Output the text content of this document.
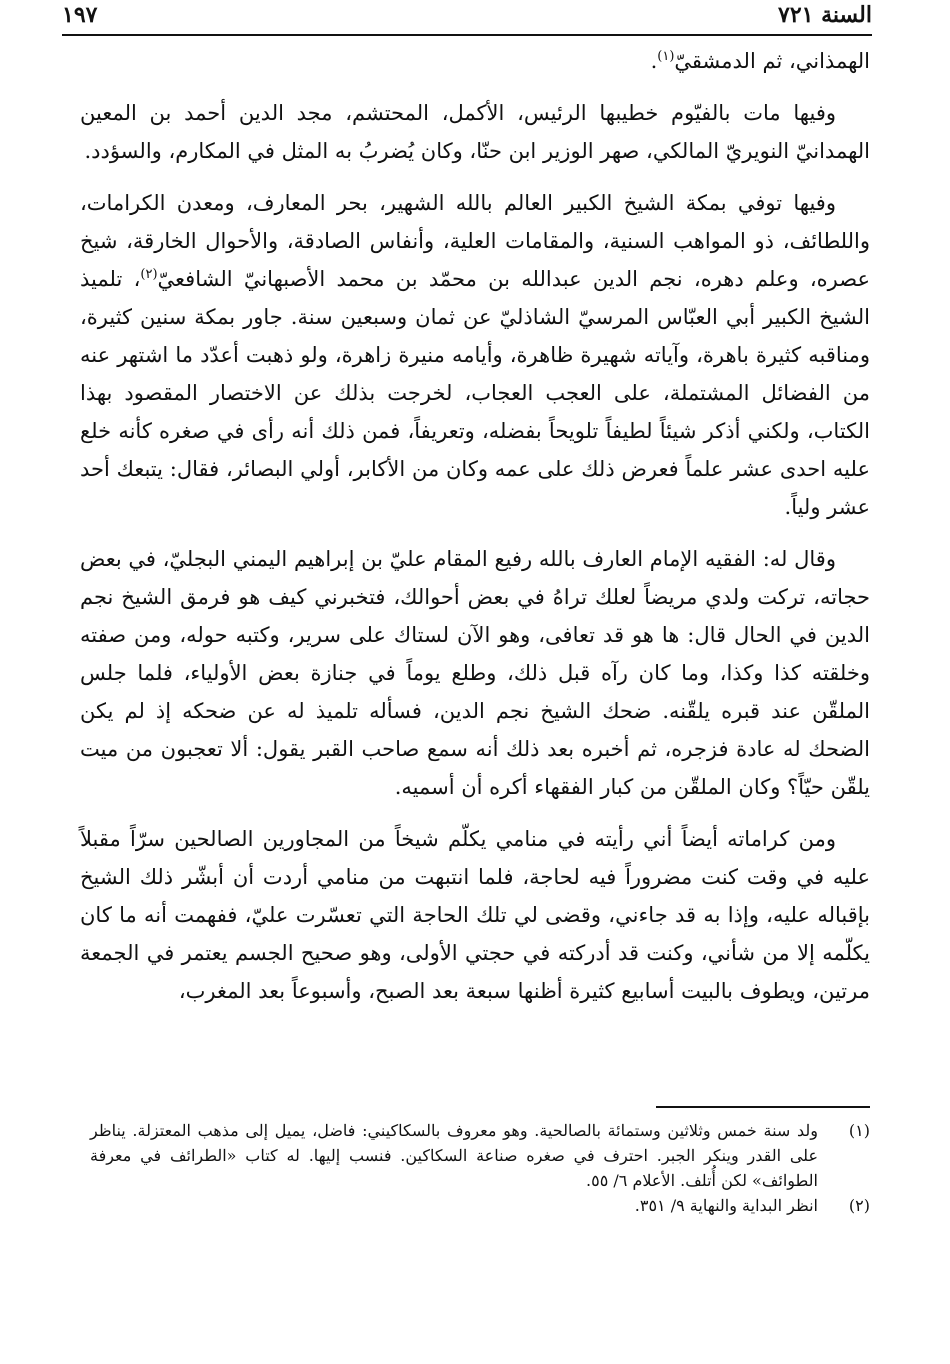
السنة ٧٢١
١٩٧

الهمذاني، ثم الدمشقيّ$^{(١)}$.

وفيها مات بالفيّوم خطيبها الرئيس، الأكمل، المحتشم، مجد الدين أحمد بن المعين الهمدانيّ النويريّ المالكي، صهر الوزير ابن حنّا، وكان يُضربُ به المثل في المكارم، والسؤدد.

وفيها توفي بمكة الشيخ الكبير العالم بالله الشهير، بحر المعارف، ومعدن الكرامات، واللطائف، ذو المواهب السنية، والمقامات العلية، وأنفاس الصادقة، والأحوال الخارقة، شيخ عصره، وعلم دهره، نجم الدين عبدالله بن محمّد بن محمد الأصبهانيّ الشافعيّ$^{(٢)}$، تلميذ الشيخ الكبير أبي العبّاس المرسيّ الشاذليّ عن ثمان وسبعين سنة. جاور بمكة سنين كثيرة، ومناقبه كثيرة باهرة، وآياته شهيرة ظاهرة، وأيامه منيرة زاهرة، ولو ذهبت أعدّد ما اشتهر عنه من الفضائل المشتملة، على العجب العجاب، لخرجت بذلك عن الاختصار المقصود بهذا الكتاب، ولكني أذكر شيئاً لطيفاً تلويحاً بفضله، وتعريفاً، فمن ذلك أنه رأى في صغره كأنه خلع عليه احدى عشر علماً فعرض ذلك على عمه وكان من الأكابر، أولي البصائر، فقال: يتبعك أحد عشر ولياً.

وقال له: الفقيه الإمام العارف بالله رفيع المقام عليّ بن إبراهيم اليمني البجليّ، في بعض حجاته، تركت ولدي مريضاً لعلك تراهُ في بعض أحوالك، فتخبرني كيف هو فرمق الشيخ نجم الدين في الحال قال: ها هو قد تعافى، وهو الآن لستاك على سرير، وكتبه حوله، ومن صفته وخلقته كذا وكذا، وما كان رآه قبل ذلك، وطلع يوماً في جنازة بعض الأولياء، فلما جلس الملقّن عند قبره يلقّنه. ضحك الشيخ نجم الدين، فسأله تلميذ له عن ضحكه إذ لم يكن الضحك له عادة فزجره، ثم أخبره بعد ذلك أنه سمع صاحب القبر يقول: ألا تعجبون من ميت يلقّن حيّاً؟ وكان الملقّن من كبار الفقهاء أكره أن أسميه.

ومن كراماته أيضاً أني رأيته في منامي يكلّم شيخاً من المجاورين الصالحين سرّاً مقبلاً عليه في وقت كنت مضروراً فيه لحاجة، فلما انتبهت من منامي أردت أن أبشّر ذلك الشيخ بإقباله عليه، وإذا به قد جاءني، وقضى لي تلك الحاجة التي تعسّرت عليّ، ففهمت أنه ما كان يكلّمه إلا من شأني، وكنت قد أدركته في حجتي الأولى، وهو صحيح الجسم يعتمر في الجمعة مرتين، ويطوف بالبيت أسابيع كثيرة أظنها سبعة بعد الصبح، وأسبوعاً بعد المغرب،

(١)
ولد سنة خمس وثلاثين وستمائة بالصالحية. وهو معروف بالسكاكيني: فاضل، يميل إلى مذهب المعتزلة. يناظر على القدر وينكر الجبر. احترف في صغره صناعة السكاكين. فنسب إليها. له كتاب «الطرائف في معرفة الطوائف» لكن أُتلف. الأعلام ٦/ ٥٥.

(٢)
انظر البداية والنهاية ٩/ ٣٥١.
